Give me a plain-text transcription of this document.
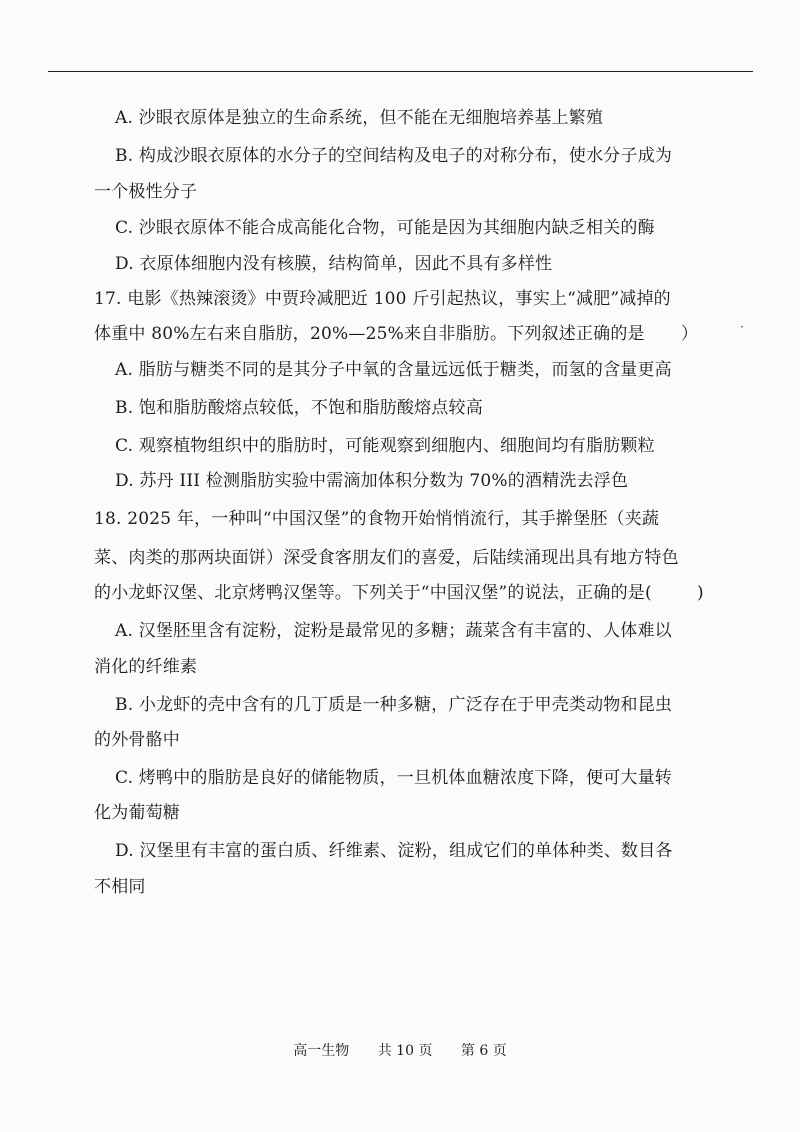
A. 沙眼衣原体是独立的生命系统，但不能在无细胞培养基上繁殖
B. 构成沙眼衣原体的水分子的空间结构及电子的对称分布，使水分子成为
一个极性分子
C. 沙眼衣原体不能合成高能化合物，可能是因为其细胞内缺乏相关的酶
D. 衣原体细胞内没有核膜，结构简单，因此不具有多样性
17. 电影《热辣滚烫》中贾玲减肥近 100 斤引起热议，事实上“减肥”减掉的
体重中 80%左右来自脂肪，20%—25%来自非脂肪。下列叙述正确的是 ）	·
A. 脂肪与糖类不同的是其分子中氧的含量远远低于糖类，而氢的含量更高
B. 饱和脂肪酸熔点较低，不饱和脂肪酸熔点较高
C. 观察植物组织中的脂肪时，可能观察到细胞内、细胞间均有脂肪颗粒
D. 苏丹 III 检测脂肪实验中需滴加体积分数为 70%的酒精洗去浮色
18. 2025 年，一种叫“中国汉堡”的食物开始悄悄流行，其手擀堡胚（夹蔬
菜、肉类的那两块面饼）深受食客朋友们的喜爱，后陆续涌现出具有地方特色
的小龙虾汉堡、北京烤鸭汉堡等。下列关于“中国汉堡”的说法，正确的是(	)
A. 汉堡胚里含有淀粉，淀粉是最常见的多糖；蔬菜含有丰富的、人体难以
消化的纤维素
B. 小龙虾的壳中含有的几丁质是一种多糖，广泛存在于甲壳类动物和昆虫
的外骨骼中
C. 烤鸭中的脂肪是良好的储能物质，一旦机体血糖浓度下降，便可大量转
化为葡萄糖
D. 汉堡里有丰富的蛋白质、纤维素、淀粉，组成它们的单体种类、数目各
不相同
高一生物 共 10 页 第 6 页
